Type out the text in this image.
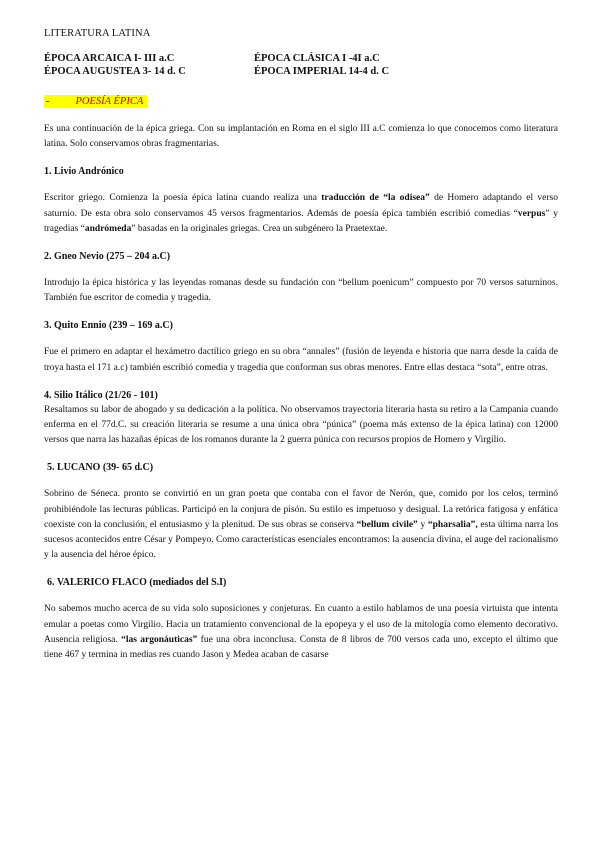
LITERATURA LATINA
ÉPOCA ARCAICA I- III a.C	ÉPOCA CLÁSICA I -4I a.C
ÉPOCA AUGUSTEA 3- 14 d. C	ÉPOCA IMPERIAL 14-4 d. C
- POESÍA ÉPICA

Es una continuación de la épica griega. Con su implantación en Roma en el siglo III a.C comienza lo que conocemos como literatura latina. Solo conservamos obras fragmentarias.

1. Livio Andrónico

Escritor griego. Comienza la poesía épica latina cuando realiza una traducción de “la odisea” de Homero adaptando el verso saturnio. De esta obra solo conservamos 45 versos fragmentarios. Además de poesía épica también escribió comedias “verpus” y tragedias “andrómeda” basadas en la originales griegas. Crea un subgénero la Praetextae.

2. Gneo Nevio (275 – 204 a.C)

Introdujo la épica histórica y las leyendas romanas desde su fundación con “bellum poenicum” compuesto por 70 versos saturninos. También fue escritor de comedia y tragedia.

3. Quito Ennio (239 – 169 a.C)

Fue el primero en adaptar el hexámetro dactílico griego en su obra “annales” (fusión de leyenda e historia que narra desde la caída de troya hasta el 171 a.c) también escribió comedia y tragedia que conforman sus obras menores. Entre ellas destaca “sota”, entre otras.

4. Silio Itálico (21/26 - 101)

Resaltamos su labor de abogado y su dedicación a la política. No observamos trayectoria literaria hasta su retiro a la Campania cuando enferma en el 77d.C. su creación literaria se resume a una única obra “púnica” (poema más extenso de la épica latina) con 12000 versos que narra las hazañas épicas de los romanos durante la 2 guerra púnica con recursos propios de Homero y Virgilio.

5. LUCANO (39- 65 d.C)

Sobrino de Séneca. pronto se convirtió en un gran poeta que contaba con el favor de Nerón, que, comido por los celos, terminó prohibiéndole las lecturas públicas. Participó en la conjura de pisón. Su estilo es impetuoso y desigual. La retórica fatigosa y enfática coexiste con la conclusión, el entusiasmo y la plenitud. De sus obras se conserva “bellum civile” y “pharsalia”, esta última narra los sucesos acontecidos entre César y Pompeyo. Como características esenciales encontramos: la ausencia divina, el auge del racionalismo y la ausencia del héroe épico.

6. VALERICO FLACO (mediados del S.I)

No sabemos mucho acerca de su vida solo suposiciones y conjeturas. En cuanto a estilo hablamos de una poesía virtuista que intenta emular a poetas como Virgilio. Hacia un tratamiento convencional de la epopeya y el uso de la mitología como elemento decorativo. Ausencia religiosa. “las argonáuticas” fue una obra inconclusa. Consta de 8 libros de 700 versos cada uno, excepto el último que tiene 467 y termina in medias res cuando Jason y Medea acaban de casarse
